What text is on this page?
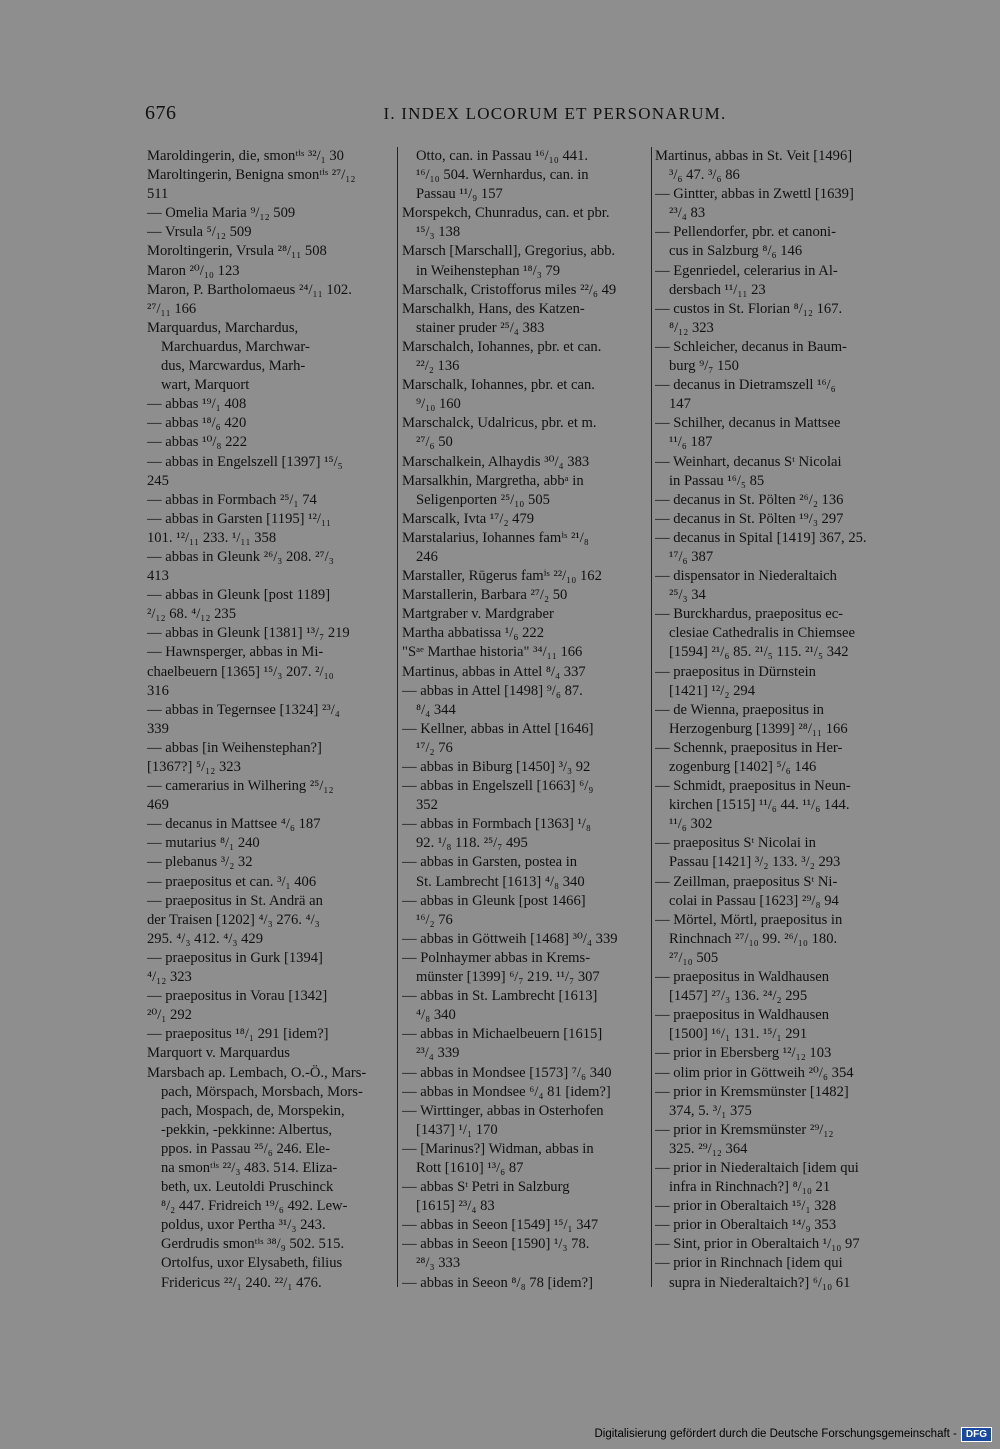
676	I. INDEX LOCORUM ET PERSONARUM.
Maroldingerin, die, smonᵗⁱˢ ³²/₁ 30
Maroltingerin, Benigna smonᵗⁱˢ ²⁷/₁₂
511
— Omelia Maria ⁹/₁₂ 509
— Vrsula ⁵/₁₂ 509
Moroltingerin, Vrsula ²⁸/₁₁ 508
Maron ²⁰/₁₀ 123
Maron, P. Bartholomaeus ²⁴/₁₁ 102.
²⁷/₁₁ 166
Marquardus, Marchardus,
Marchuardus, Marchwar-
dus, Marcwardus, Marh-
wart, Marquort
— abbas ¹⁹/₁ 408
— abbas ¹⁸/₆ 420
— abbas ¹⁰/₈ 222
— abbas in Engelszell [1397] ¹⁵/₅
245
— abbas in Formbach ²⁵/₁ 74
— abbas in Garsten [1195] ¹²/₁₁
101. ¹²/₁₁ 233. ¹/₁₁ 358
— abbas in Gleunk ²⁶/₃ 208. ²⁷/₃
413
— abbas in Gleunk [post 1189]
²/₁₂ 68. ⁴/₁₂ 235
— abbas in Gleunk [1381] ¹³/₇ 219
— Hawnsperger, abbas in Mi-
chaelbeuern [1365] ¹⁵/₃ 207. ²/₁₀
316
— abbas in Tegernsee [1324] ²³/₄
339
— abbas [in Weihenstephan?]
[1367?] ⁵/₁₂ 323
— camerarius in Wilhering ²⁵/₁₂
469
— decanus in Mattsee ⁴/₆ 187
— mutarius ⁸/₁ 240
— plebanus ³/₂ 32
— praepositus et can. ³/₁ 406
— praepositus in St. Andrä an
der Traisen [1202] ⁴/₃ 276. ⁴/₃
295. ⁴/₃ 412. ⁴/₃ 429
— praepositus in Gurk [1394]
⁴/₁₂ 323
— praepositus in Vorau [1342]
²⁰/₁ 292
— praepositus ¹⁸/₁ 291 [idem?]
Marquort v. Marquardus
Marsbach ap. Lembach, O.-Ö., Mars-
pach, Mörspach, Morsbach, Mors-
pach, Mospach, de, Morspekin,
-pekkin, -pekkinne: Albertus,
ppos. in Passau ²⁵/₆ 246. Ele-
na smonᵗⁱˢ ²²/₃ 483. 514. Eliza-
beth, ux. Leutoldi Pruschinck
⁸/₂ 447. Fridreich ¹⁹/₆ 492. Lew-
poldus, uxor Pertha ³¹/₃ 243.
Gerdrudis smonᵗⁱˢ ³⁸/₉ 502. 515.
Ortolfus, uxor Elysabeth, filius
Fridericus ²²/₁ 240. ²²/₁ 476.
Otto, can. in Passau ¹⁶/₁₀ 441.
¹⁶/₁₀ 504. Wernhardus, can. in
Passau ¹¹/₉ 157
Morspekch, Chunradus, can. et pbr.
¹⁵/₃ 138
Marsch [Marschall], Gregorius, abb.
in Weihenstephan ¹⁸/₃ 79
Marschalk, Cristofforus miles ²²/₆ 49
Marschalkh, Hans, des Katzen-
stainer pruder ²⁵/₄ 383
Marschalch, Iohannes, pbr. et can.
²²/₂ 136
Marschalk, Iohannes, pbr. et can.
⁹/₁₀ 160
Marschalck, Udalricus, pbr. et m.
²⁷/₆ 50
Marschalkein, Alhaydis ³⁰/₄ 383
Marsalkhin, Margretha, abbᵃ in
Seligenporten ²⁵/₁₀ 505
Marscalk, Ivta ¹⁷/₂ 479
Marstalarius, Iohannes famⁱˢ ²¹/₈
246
Marstaller, Rūgerus famⁱˢ ²²/₁₀ 162
Marstallerin, Barbara ²⁷/₂ 50
Martgraber v. Mardgraber
Martha abbatissa ¹/₆ 222
"Sᵃᵉ Marthae historia" ³⁴/₁₁ 166
Martinus, abbas in Attel ⁸/₄ 337
— abbas in Attel [1498] ⁹/₆ 87.
⁸/₄ 344
— Kellner, abbas in Attel [1646]
¹⁷/₂ 76
— abbas in Biburg [1450] ³/₃ 92
— abbas in Engelszell [1663] ⁶/₉
352
— abbas in Formbach [1363] ¹/₈
92. ¹/₈ 118. ²⁵/₇ 495
— abbas in Garsten, postea in
St. Lambrecht [1613] ⁴/₈ 340
— abbas in Gleunk [post 1466]
¹⁶/₂ 76
— abbas in Göttweih [1468] ³⁰/₄ 339
— Polnhaymer abbas in Krems-
münster [1399] ⁶/₇ 219. ¹¹/₇ 307
— abbas in St. Lambrecht [1613]
⁴/₈ 340
— abbas in Michaelbeuern [1615]
²³/₄ 339
— abbas in Mondsee [1573] ⁷/₆ 340
— abbas in Mondsee ⁶/₄ 81 [idem?]
— Wirttinger, abbas in Osterhofen
[1437] ¹/₁ 170
— [Marinus?] Widman, abbas in
Rott [1610] ¹³/₆ 87
— abbas Sᵗ Petri in Salzburg
[1615] ²³/₄ 83
— abbas in Seeon [1549] ¹⁵/₁ 347
— abbas in Seeon [1590] ¹/₃ 78.
²⁸/₃ 333
— abbas in Seeon ⁸/₈ 78 [idem?]
Martinus, abbas in St. Veit [1496]
³/₆ 47. ³/₆ 86
— Gintter, abbas in Zwettl [1639]
²³/₄ 83
— Pellendorfer, pbr. et canoni-
cus in Salzburg ⁸/₆ 146
— Egenriedel, celerarius in Al-
dersbach ¹¹/₁₁ 23
— custos in St. Florian ⁸/₁₂ 167.
⁸/₁₂ 323
— Schleicher, decanus in Baum-
burg ⁹/₇ 150
— decanus in Dietramszell ¹⁶/₆
147
— Schilher, decanus in Mattsee
¹¹/₆ 187
— Weinhart, decanus Sᵗ Nicolai
in Passau ¹⁶/₅ 85
— decanus in St. Pölten ²⁶/₂ 136
— decanus in St. Pölten ¹⁹/₃ 297
— decanus in Spital [1419] 367, 25.
¹⁷/₆ 387
— dispensator in Niederaltaich
²⁵/₃ 34
— Burckhardus, praepositus ec-
clesiae Cathedralis in Chiemsee
[1594] ²¹/₆ 85. ²¹/₅ 115. ²¹/₅ 342
— praepositus in Dürnstein
[1421] ¹²/₂ 294
— de Wienna, praepositus in
Herzogenburg [1399] ²⁸/₁₁ 166
— Schennk, praepositus in Her-
zogenburg [1402] ⁵/₆ 146
— Schmidt, praepositus in Neun-
kirchen [1515] ¹¹/₆ 44. ¹¹/₆ 144.
¹¹/₆ 302
— praepositus Sᵗ Nicolai in
Passau [1421] ³/₂ 133. ³/₂ 293
— Zeillman, praepositus Sᵗ Ni-
colai in Passau [1623] ²⁹/₈ 94
— Mörtel, Mörtl, praepositus in
Rinchnach ²⁷/₁₀ 99. ²⁶/₁₀ 180.
²⁷/₁₀ 505
— praepositus in Waldhausen
[1457] ²⁷/₃ 136. ²⁴/₂ 295
— praepositus in Waldhausen
[1500] ¹⁶/₁ 131. ¹⁵/₁ 291
— prior in Ebersberg ¹²/₁₂ 103
— olim prior in Göttweih ²⁰/₆ 354
— prior in Kremsmünster [1482]
374, 5. ³/₁ 375
— prior in Kremsmünster ²⁹/₁₂
325. ²⁹/₁₂ 364
— prior in Niederaltaich [idem qui
infra in Rinchnach?] ⁸/₁₀ 21
— prior in Oberaltaich ¹⁵/₁ 328
— prior in Oberaltaich ¹⁴/₉ 353
— Sint, prior in Oberaltaich ¹/₁₀ 97
— prior in Rinchnach [idem qui
supra in Niederaltaich?] ⁶/₁₀ 61
Digitalisierung gefördert durch die Deutsche Forschungsgemeinschaft - DFG
